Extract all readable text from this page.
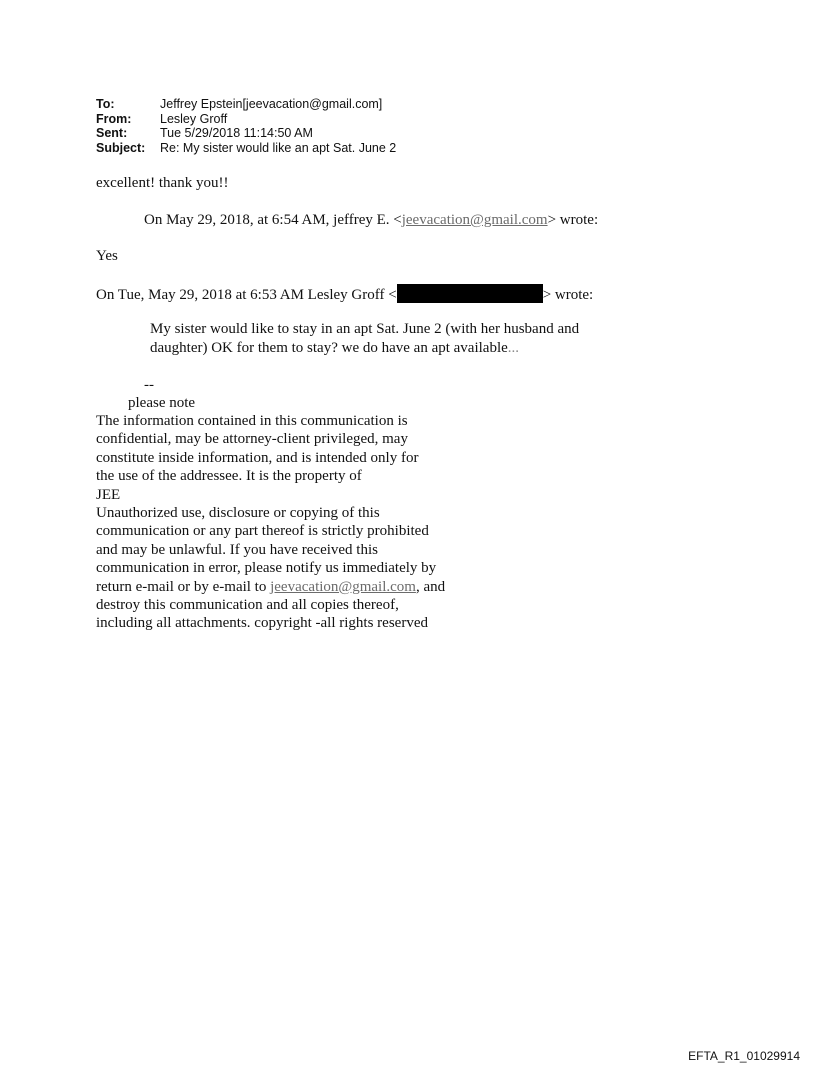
To:	Jeffrey Epstein[jeevacation@gmail.com]
From:	Lesley Groff
Sent:	Tue 5/29/2018 11:14:50 AM
Subject:	Re: My sister would like an apt Sat. June 2
excellent! thank you!!
On May 29, 2018, at 6:54 AM, jeffrey E. <jeevacation@gmail.com> wrote:
Yes
On Tue, May 29, 2018 at 6:53 AM Lesley Groff <	> wrote:
My sister would like to stay in an apt Sat. June 2 (with her husband and
daughter) OK for them to stay? we do have an apt available...
--
please note
The information contained in this communication is
confidential, may be attorney-client privileged, may
constitute inside information, and is intended only for
the use of the addressee. It is the property of
JEE
Unauthorized use, disclosure or copying of this
communication or any part thereof is strictly prohibited
and may be unlawful. If you have received this
communication in error, please notify us immediately by
return e-mail or by e-mail to jeevacation@gmail.com, and
destroy this communication and all copies thereof,
including all attachments. copyright -all rights reserved
EFTA_R1_01029914
